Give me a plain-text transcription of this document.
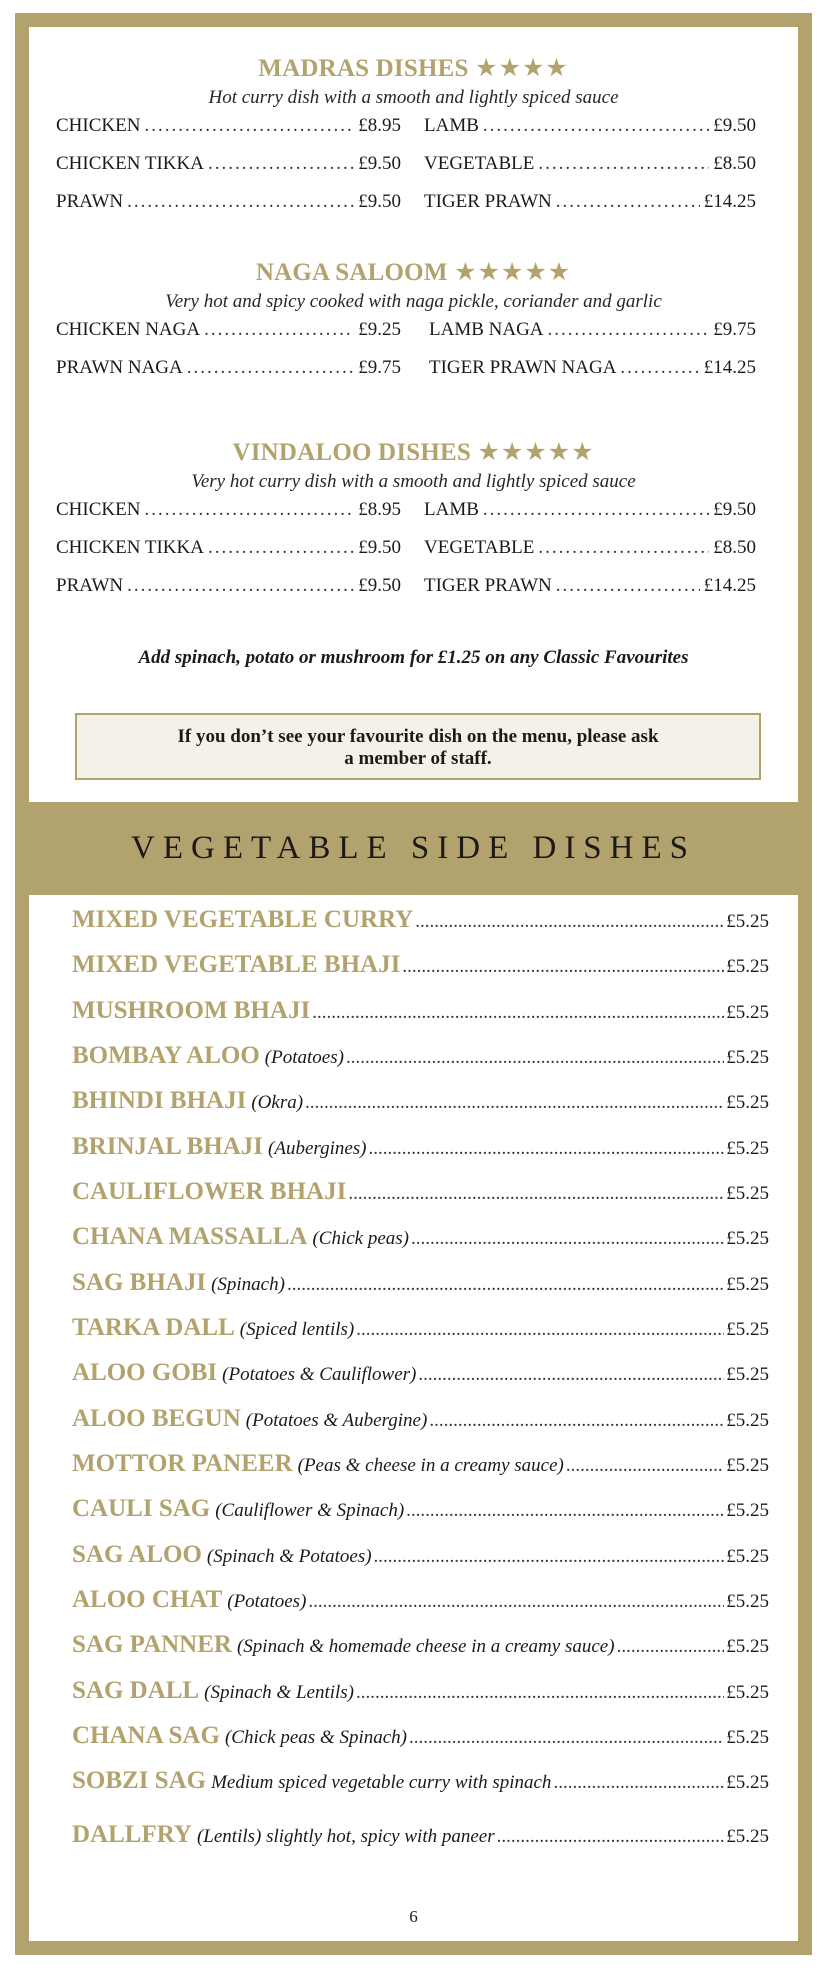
MADRAS DISHES ★★★★
Hot curry dish with a smooth and lightly spiced sauce
CHICKEN .....	£8.95 LAMB .....	£9.50
CHICKEN TIKKA .....	£9.50 VEGETABLE .....	£8.50
PRAWN .....	£9.50 TIGER PRAWN .....	£14.25
NAGA SALOOM ★★★★★
Very hot and spicy cooked with naga pickle, coriander and garlic
CHICKEN NAGA .....	£9.25 LAMB NAGA .....	£9.75
PRAWN NAGA .....	£9.75 TIGER PRAWN NAGA .....	£14.25
VINDALOO DISHES ★★★★★
Very hot curry dish with a smooth and lightly spiced sauce
CHICKEN .....	£8.95 LAMB .....	£9.50
CHICKEN TIKKA .....	£9.50 VEGETABLE .....	£8.50
PRAWN .....	£9.50 TIGER PRAWN .....	£14.25
Add spinach, potato or mushroom for £1.25 on any Classic Favourites
If you don’t see your favourite dish on the menu, please ask
a member of staff.
VEGETABLE SIDE DISHES
MIXED VEGETABLE CURRY .....	£5.25
MIXED VEGETABLE BHAJI .....	£5.25
MUSHROOM BHAJI .....	£5.25
BOMBAY ALOO (Potatoes) .....	£5.25
BHINDI BHAJI (Okra) .....	£5.25
BRINJAL BHAJI (Aubergines) .....	£5.25
CAULIFLOWER BHAJI .....	£5.25
CHANA MASSALLA (Chick peas) .....	£5.25
SAG BHAJI (Spinach) .....	£5.25
TARKA DALL (Spiced lentils) .....	£5.25
ALOO GOBI (Potatoes & Cauliflower) .....	£5.25
ALOO BEGUN (Potatoes & Aubergine) .....	£5.25
MOTTOR PANEER (Peas & cheese in a creamy sauce) .....	£5.25
CAULI SAG (Cauliflower & Spinach) .....	£5.25
SAG ALOO (Spinach & Potatoes) .....	£5.25
ALOO CHAT (Potatoes) .....	£5.25
SAG PANNER (Spinach & homemade cheese in a creamy sauce) .....	£5.25
SAG DALL (Spinach & Lentils) .....	£5.25
CHANA SAG (Chick peas & Spinach) .....	£5.25
SOBZI SAG Medium spiced vegetable curry with spinach .....	£5.25
DALLFRY (Lentils) slightly hot, spicy with paneer .....	£5.25
6
